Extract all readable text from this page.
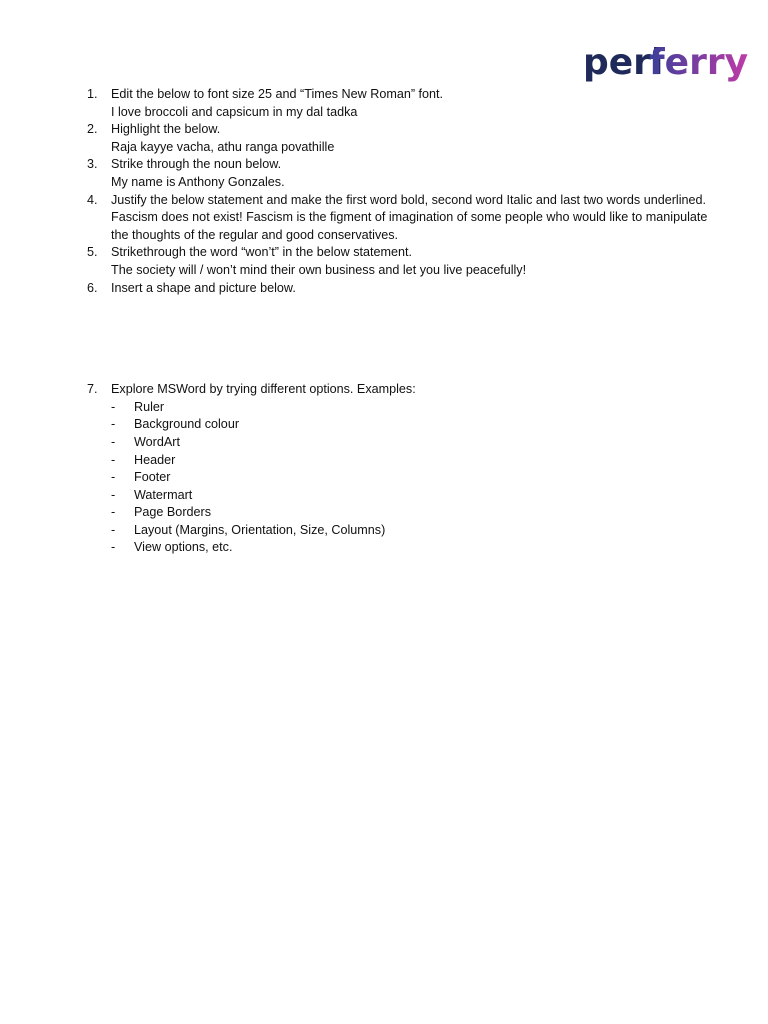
peri
ferry
1.	Edit the below to font size 25 and “Times New Roman” font.
I love broccoli and capsicum in my dal tadka
2.	Highlight the below.
Raja kayye vacha, athu ranga povathille
3.	Strike through the noun below.
My name is Anthony Gonzales.
4.	Justify the below statement and make the first word bold, second word Italic and last two words underlined.
Fascism does not exist! Fascism is the figment of imagination of some people who would like to manipulate
the thoughts of the regular and good conservatives.
5.	Strikethrough the word “won’t” in the below statement.
The society will / won’t mind their own business and let you live peacefully!
6.	Insert a shape and picture below.
7.	Explore MSWord by trying different options. Examples:
-	Ruler
-	Background colour
-	WordArt
-	Header
-	Footer
-	Watermart
-	Page Borders
-	Layout (Margins, Orientation, Size, Columns)
-	View options, etc.
